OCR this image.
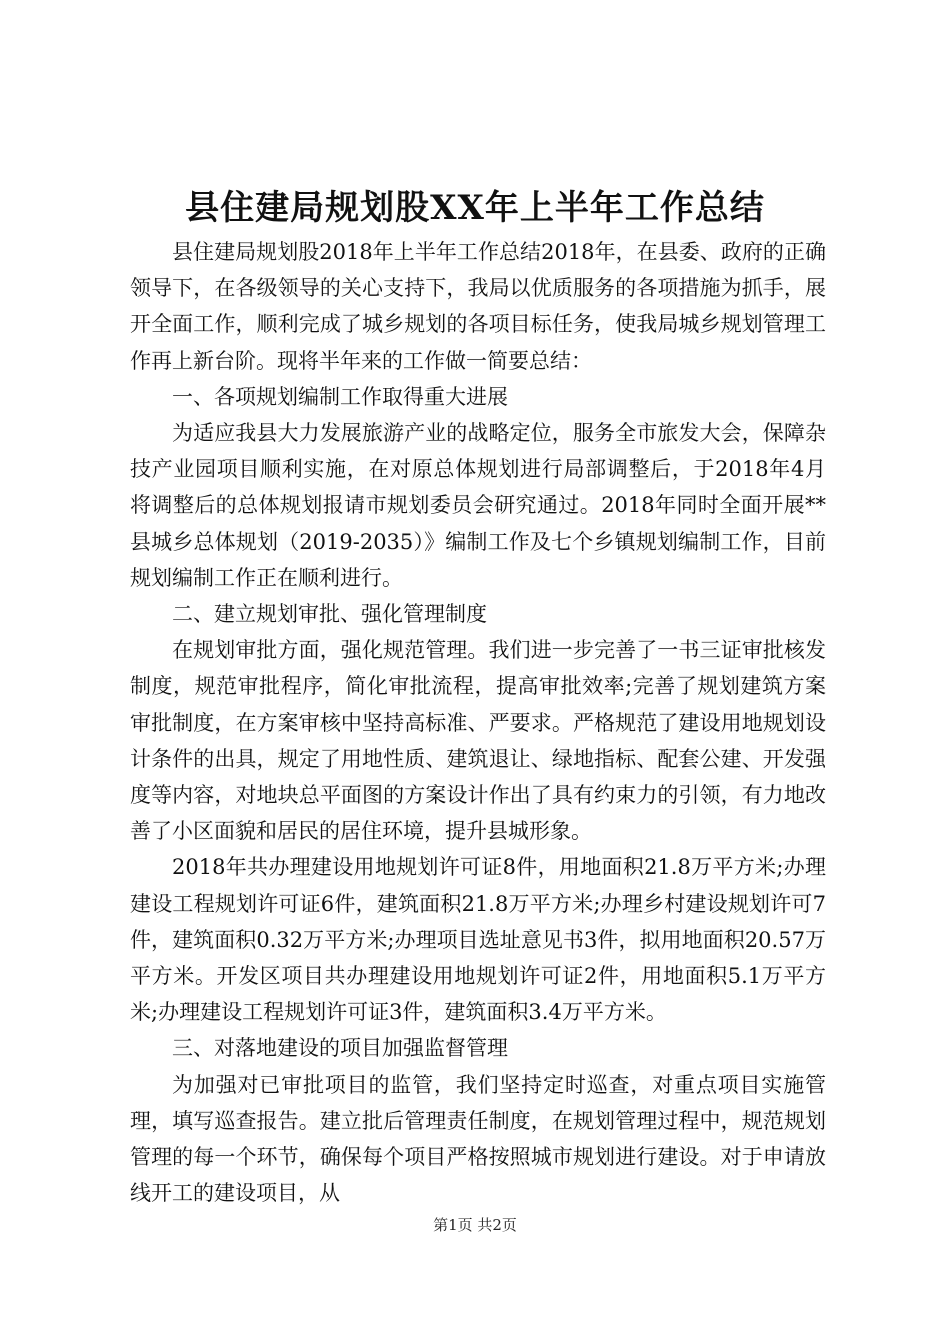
县住建局规划股XX年上半年工作总结

县住建局规划股2018年上半年工作总结2018年，在县委、政府的正确领导下，在各级领导的关心支持下，我局以优质服务的各项措施为抓手，展开全面工作，顺利完成了城乡规划的各项目标任务，使我局城乡规划管理工作再上新台阶。现将半年来的工作做一简要总结：

一、各项规划编制工作取得重大进展

为适应我县大力发展旅游产业的战略定位，服务全市旅发大会，保障杂技产业园项目顺利实施，在对原总体规划进行局部调整后，于2018年4月将调整后的总体规划报请市规划委员会研究通过。2018年同时全面开展**县城乡总体规划（2019-2035）》编制工作及七个乡镇规划编制工作，目前规划编制工作正在顺利进行。

二、建立规划审批、强化管理制度

在规划审批方面，强化规范管理。我们进一步完善了一书三证审批核发制度，规范审批程序，简化审批流程，提高审批效率;完善了规划建筑方案审批制度，在方案审核中坚持高标准、严要求。严格规范了建设用地规划设计条件的出具，规定了用地性质、建筑退让、绿地指标、配套公建、开发强度等内容，对地块总平面图的方案设计作出了具有约束力的引领，有力地改善了小区面貌和居民的居住环境，提升县城形象。

2018年共办理建设用地规划许可证8件，用地面积21.8万平方米;办理建设工程规划许可证6件，建筑面积21.8万平方米;办理乡村建设规划许可7件，建筑面积0.32万平方米;办理项目选址意见书3件，拟用地面积20.57万平方米。开发区项目共办理建设用地规划许可证2件，用地面积5.1万平方米;办理建设工程规划许可证3件，建筑面积3.4万平方米。

三、对落地建设的项目加强监督管理

为加强对已审批项目的监管，我们坚持定时巡查，对重点项目实施管理，填写巡查报告。建立批后管理责任制度，在规划管理过程中，规范规划管理的每一个环节，确保每个项目严格按照城市规划进行建设。对于申请放线开工的建设项目，从

第1页 共2页
